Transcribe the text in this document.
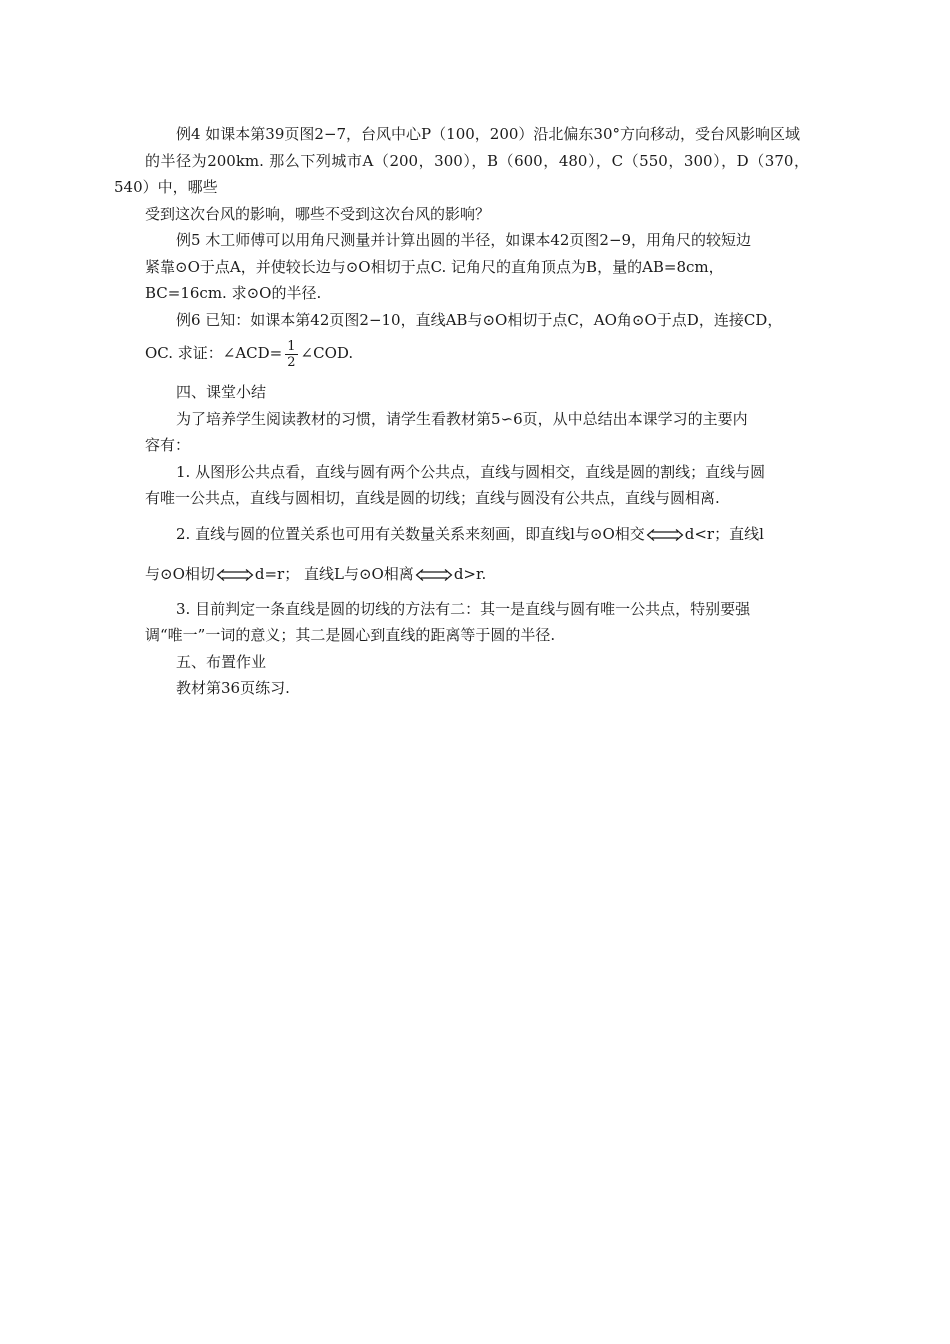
例4 如课本第39页图2−7，台风中心P（100，200）沿北偏东30°方向移动，受台风影响区域
的半径为200km. 那么下列城市A（200，300），B（600，480），C（550，300），D（370，540）中，哪些
受到这次台风的影响，哪些不受到这次台风的影响？

例5 木工师傅可以用角尺测量并计算出圆的半径，如课本42页图2−9，用角尺的较短边
紧靠⊙O于点A，并使较长边与⊙O相切于点C. 记角尺的直角顶点为B，量的AB=8cm，
BC=16cm. 求⊙O的半径.

例6 已知：如课本第42页图2−10，直线AB与⊙O相切于点C，AO角⊙O于点D，连接CD，

OC. 求证：∠ACD= $\frac{1}{2}$ ∠COD.

四、课堂小结

为了培养学生阅读教材的习惯，请学生看教材第5∽6页，从中总结出本课学习的主要内
容有：

1. 从图形公共点看，直线与圆有两个公共点，直线与圆相交，直线是圆的割线；直线与圆
有唯一公共点，直线与圆相切，直线是圆的切线；直线与圆没有公共点，直线与圆相离.

2. 直线与圆的位置关系也可用有关数量关系来刻画，即直线l与⊙O相交	d<r；直线l

与⊙O相切	d=r； 直线L与⊙O相离	d>r.

3. 目前判定一条直线是圆的切线的方法有二：其一是直线与圆有唯一公共点，特别要强
调“唯一”一词的意义；其二是圆心到直线的距离等于圆的半径.

五、布置作业

教材第36页练习.
